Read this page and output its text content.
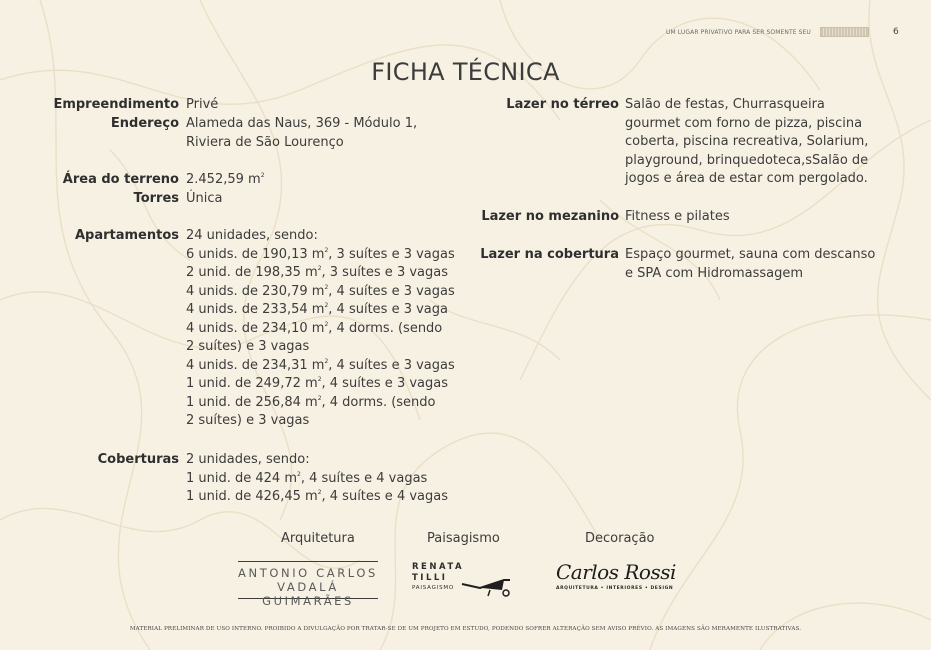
UM LUGAR PRIVATIVO PARA SER SOMENTE SEU	6
FICHA TÉCNICA
Empreendimento Privé
Endereço Alameda das Naus, 369 - Módulo 1,
Riviera de São Lourenço
Área do terreno 2.452,59 $m^2$
Torres Única
Apartamentos 24 unidades, sendo:
6 unids. de 190,13 $m^2$, 3 suítes e 3 vagas
2 unid. de 198,35 $m^2$, 3 suítes e 3 vagas
4 unids. de 230,79 $m^2$, 4 suítes e 3 vagas
4 unids. de 233,54 $m^2$, 4 suítes e 3 vaga
4 unids. de 234,10 $m^2$, 4 dorms. (sendo
2 suítes) e 3 vagas
4 unids. de 234,31 $m^2$, 4 suítes e 3 vagas
1 unid. de 249,72 $m^2$, 4 suítes e 3 vagas
1 unid. de 256,84 $m^2$, 4 dorms. (sendo
2 suítes) e 3 vagas
Coberturas 2 unidades, sendo:
1 unid. de 424 $m^2$, 4 suítes e 4 vagas
1 unid. de 426,45 $m^2$, 4 suítes e 4 vagas
Lazer no térreo Salão de festas, Churrasqueira
gourmet com forno de pizza, piscina
coberta, piscina recreativa, Solarium,
playground, brinquedoteca,sSalão de
jogos e área de estar com pergolado.
Lazer no mezanino Fitness e pilates
Lazer na cobertura Espaço gourmet, sauna com descanso
e SPA com Hidromassagem
Arquitetura	Paisagismo	Decoração
ANTONIO CARLOS
VADALÁ GUIMARÃES
RENATA
TILLI
PAISAGISMO
Carlos Rossi
ARQUITETURA • INTERIORES • DESIGN
MATERIAL PRELIMINAR DE USO INTERNO. PROIBIDO A DIVULGAÇÃO POR TRATAR-SE DE UM PROJETO EM ESTUDO, PODENDO SOFRER ALTERAÇÃO SEM AVISO PRÉVIO. AS IMAGENS SÃO MERAMENTE ILUSTRATIVAS.
